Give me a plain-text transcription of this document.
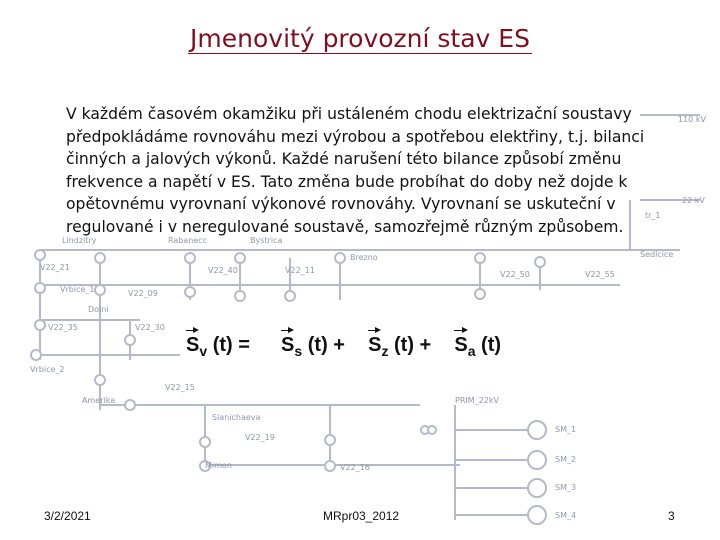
Lindzitry	Rabanecc	Bystrica
V22_11
V22_21	V22_40
Vrbice_1	V22_09
V22_35	V22_30
Brezno
V22_50
Vrbice_2
Amerika
V22_15
Slanichaeva
V22_19
Mimon	V22_16
PRIM_22kV
SM_1
SM_2
SM_3
SM_4
110 kV
22 kV
tr_1
Sedlcice
V22_55
Dolni
Jmenovitý provozní stav ES
V každém časovém okamžiku při ustáleném chodu elektrizační soustavy předpokládáme rovnováhu mezi výrobou a spotřebou elektřiny, t.j. bilanci činných a jalových výkonů. Každé narušení této bilance způsobí změnu frekvence a napětí v ES. Tato změna bude probíhat do doby než dojde k opětovnému vyrovnaní výkonové rovnováhy. Vyrovnaní se uskuteční v regulované i v neregulované soustavě, samozřejmě různým způsobem.
$S_v$ $(t) = S_s$ $(t) + S_z$ $(t) + S_a$ (t)
3/2/2021	MRpr03_2012	3
